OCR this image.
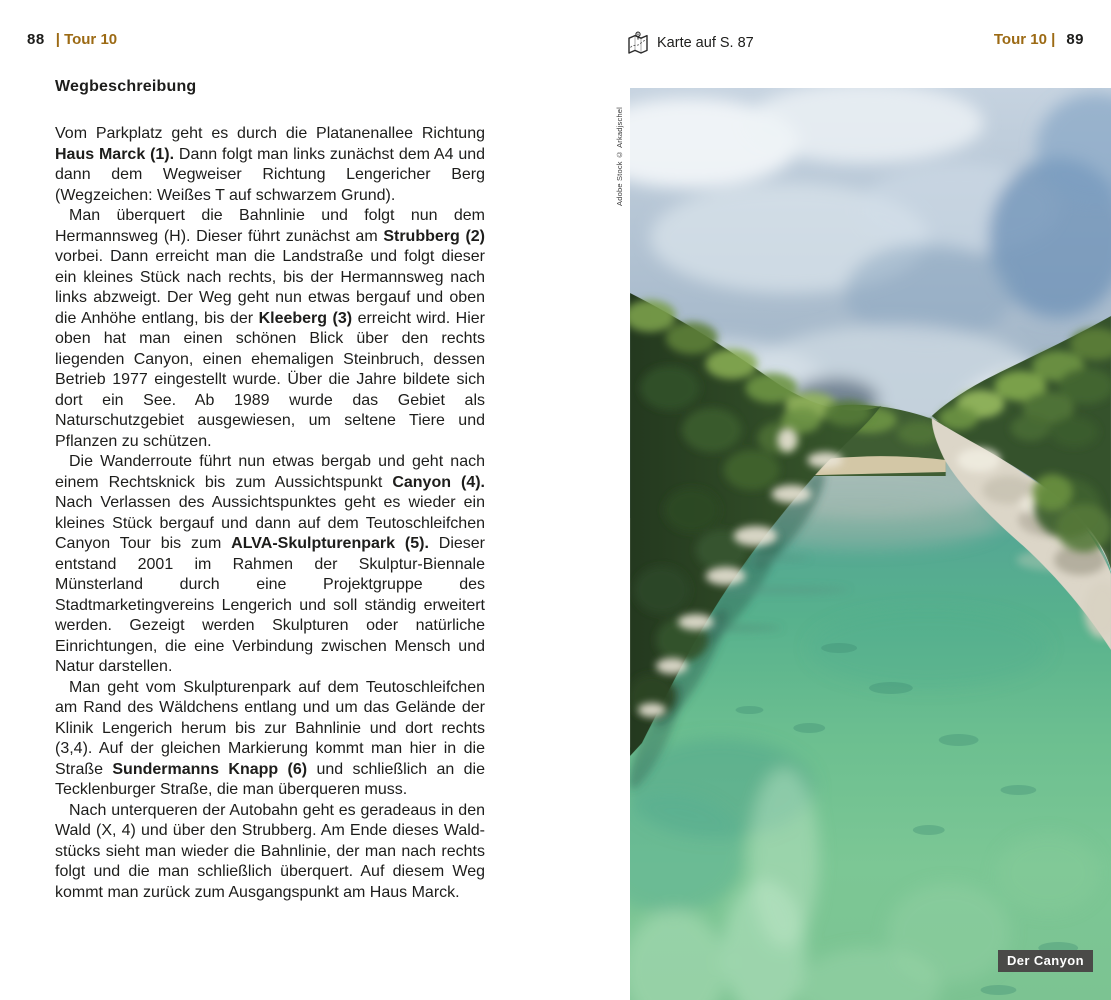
88 | Tour 10	Karte auf S. 87	Tour 10 | 89
Wegbeschreibung

Vom Parkplatz geht es durch die Platanenallee Richtung Haus Marck (1). Dann folgt man links zunächst dem A4 und dann dem Wegweiser Richtung Lengericher Berg (Wegzeichen: Weißes T auf schwarzem Grund).

Man überquert die Bahnlinie und folgt nun dem Hermannsweg (H). Dieser führt zunächst am Strubberg (2) vorbei. Dann erreicht man die Landstraße und folgt dieser ein kleines Stück nach rechts, bis der Hermannsweg nach links abzweigt. Der Weg geht nun etwas bergauf und oben die Anhöhe entlang, bis der Kleeberg (3) erreicht wird. Hier oben hat man einen schönen Blick über den rechts liegenden Canyon, einen ehemaligen Steinbruch, dessen Betrieb 1977 eingestellt wurde. Über die Jahre bildete sich dort ein See. Ab 1989 wurde das Gebiet als Naturschutzgebiet ausgewiesen, um seltene Tiere und Pflanzen zu schützen.

Die Wanderroute führt nun etwas bergab und geht nach einem Rechtsknick bis zum Aussichtspunkt Canyon (4). Nach Verlassen des Aussichtspunktes geht es wieder ein kleines Stück bergauf und dann auf dem Teutoschleifchen Canyon Tour bis zum ALVA-Skulpturenpark (5). Dieser entstand 2001 im Rahmen der Skulptur-Biennale Münsterland durch eine Projektgruppe des Stadtmarketingvereins Lengerich und soll ständig erweitert werden. Gezeigt werden Skulpturen oder natürliche Einrichtungen, die eine Verbindung zwischen Mensch und Natur darstellen.

Man geht vom Skulpturenpark auf dem Teutoschleifchen am Rand des Wäldchens entlang und um das Gelände der Klinik Lengerich herum bis zur Bahnlinie und dort rechts (3,4). Auf der gleichen Markierung kommt man hier in die Straße Sundermanns Knapp (6) und schließlich an die Tecklenburger Straße, die man überqueren muss.

Nach unterqueren der Autobahn geht es geradeaus in den Wald (X, 4) und über den Strubberg. Am Ende dieses Waldstücks sieht man wieder die Bahnlinie, der man nach rechts folgt und die man schließlich überquert. Auf diesem Weg kommt man zurück zum Ausgangspunkt am Haus Marck.

Der Canyon
Adobe Stock © Arkadjschel
